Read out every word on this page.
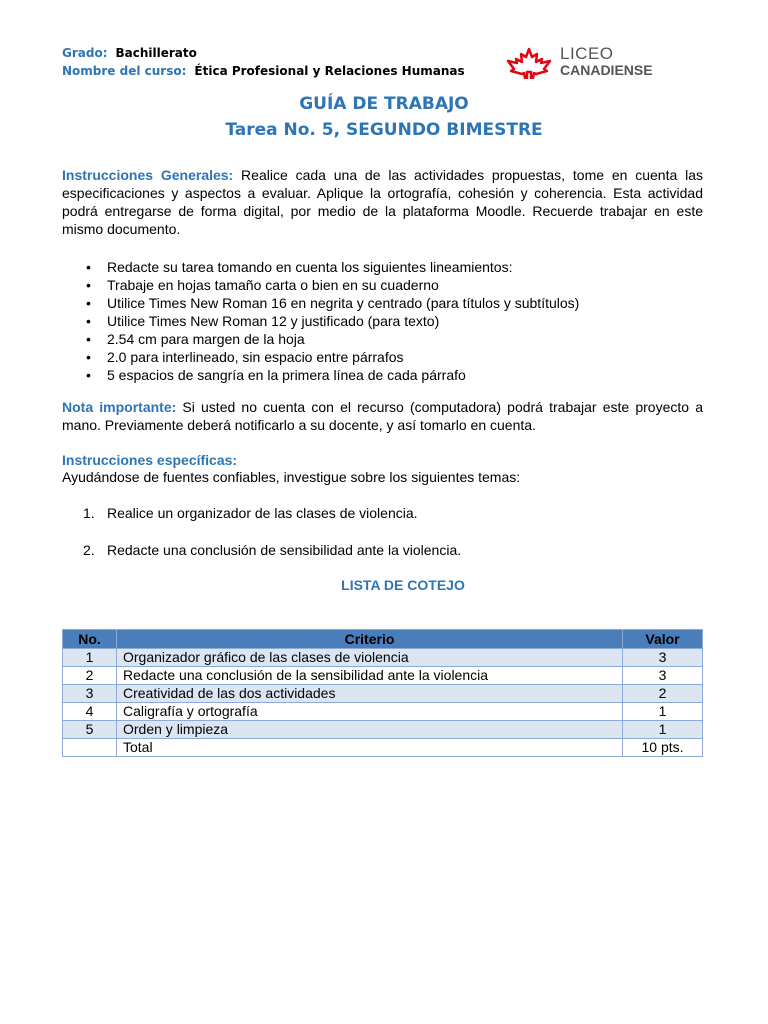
Grado: Bachillerato
Nombre del curso: Ética Profesional y Relaciones Humanas
LICEO
CANADIENSE
GUÍA DE TRABAJO
Tarea No. 5, SEGUNDO BIMESTRE
Instrucciones Generales: Realice cada una de las actividades propuestas, tome en cuenta las especificaciones y aspectos a evaluar. Aplique la ortografía, cohesión y coherencia. Esta actividad podrá entregarse de forma digital, por medio de la plataforma Moodle. Recuerde trabajar en este mismo documento.
• Redacte su tarea tomando en cuenta los siguientes lineamientos:
• Trabaje en hojas tamaño carta o bien en su cuaderno
• Utilice Times New Roman 16 en negrita y centrado (para títulos y subtítulos)
• Utilice Times New Roman 12 y justificado (para texto)
• 2.54 cm para margen de la hoja
• 2.0 para interlineado, sin espacio entre párrafos
• 5 espacios de sangría en la primera línea de cada párrafo
Nota importante: Si usted no cuenta con el recurso (computadora) podrá trabajar este proyecto a mano. Previamente deberá notificarlo a su docente, y así tomarlo en cuenta.
Instrucciones específicas:
Ayudándose de fuentes confiables, investigue sobre los siguientes temas:
1. Realice un organizador de las clases de violencia.
2. Redacte una conclusión de sensibilidad ante la violencia.
LISTA DE COTEJO
No.	Criterio	Valor
1	Organizador gráfico de las clases de violencia	3
2	Redacte una conclusión de la sensibilidad ante la violencia	3
3	Creatividad de las dos actividades	2
4	Caligrafía y ortografía	1
5	Orden y limpieza	1
	Total	10 pts.
